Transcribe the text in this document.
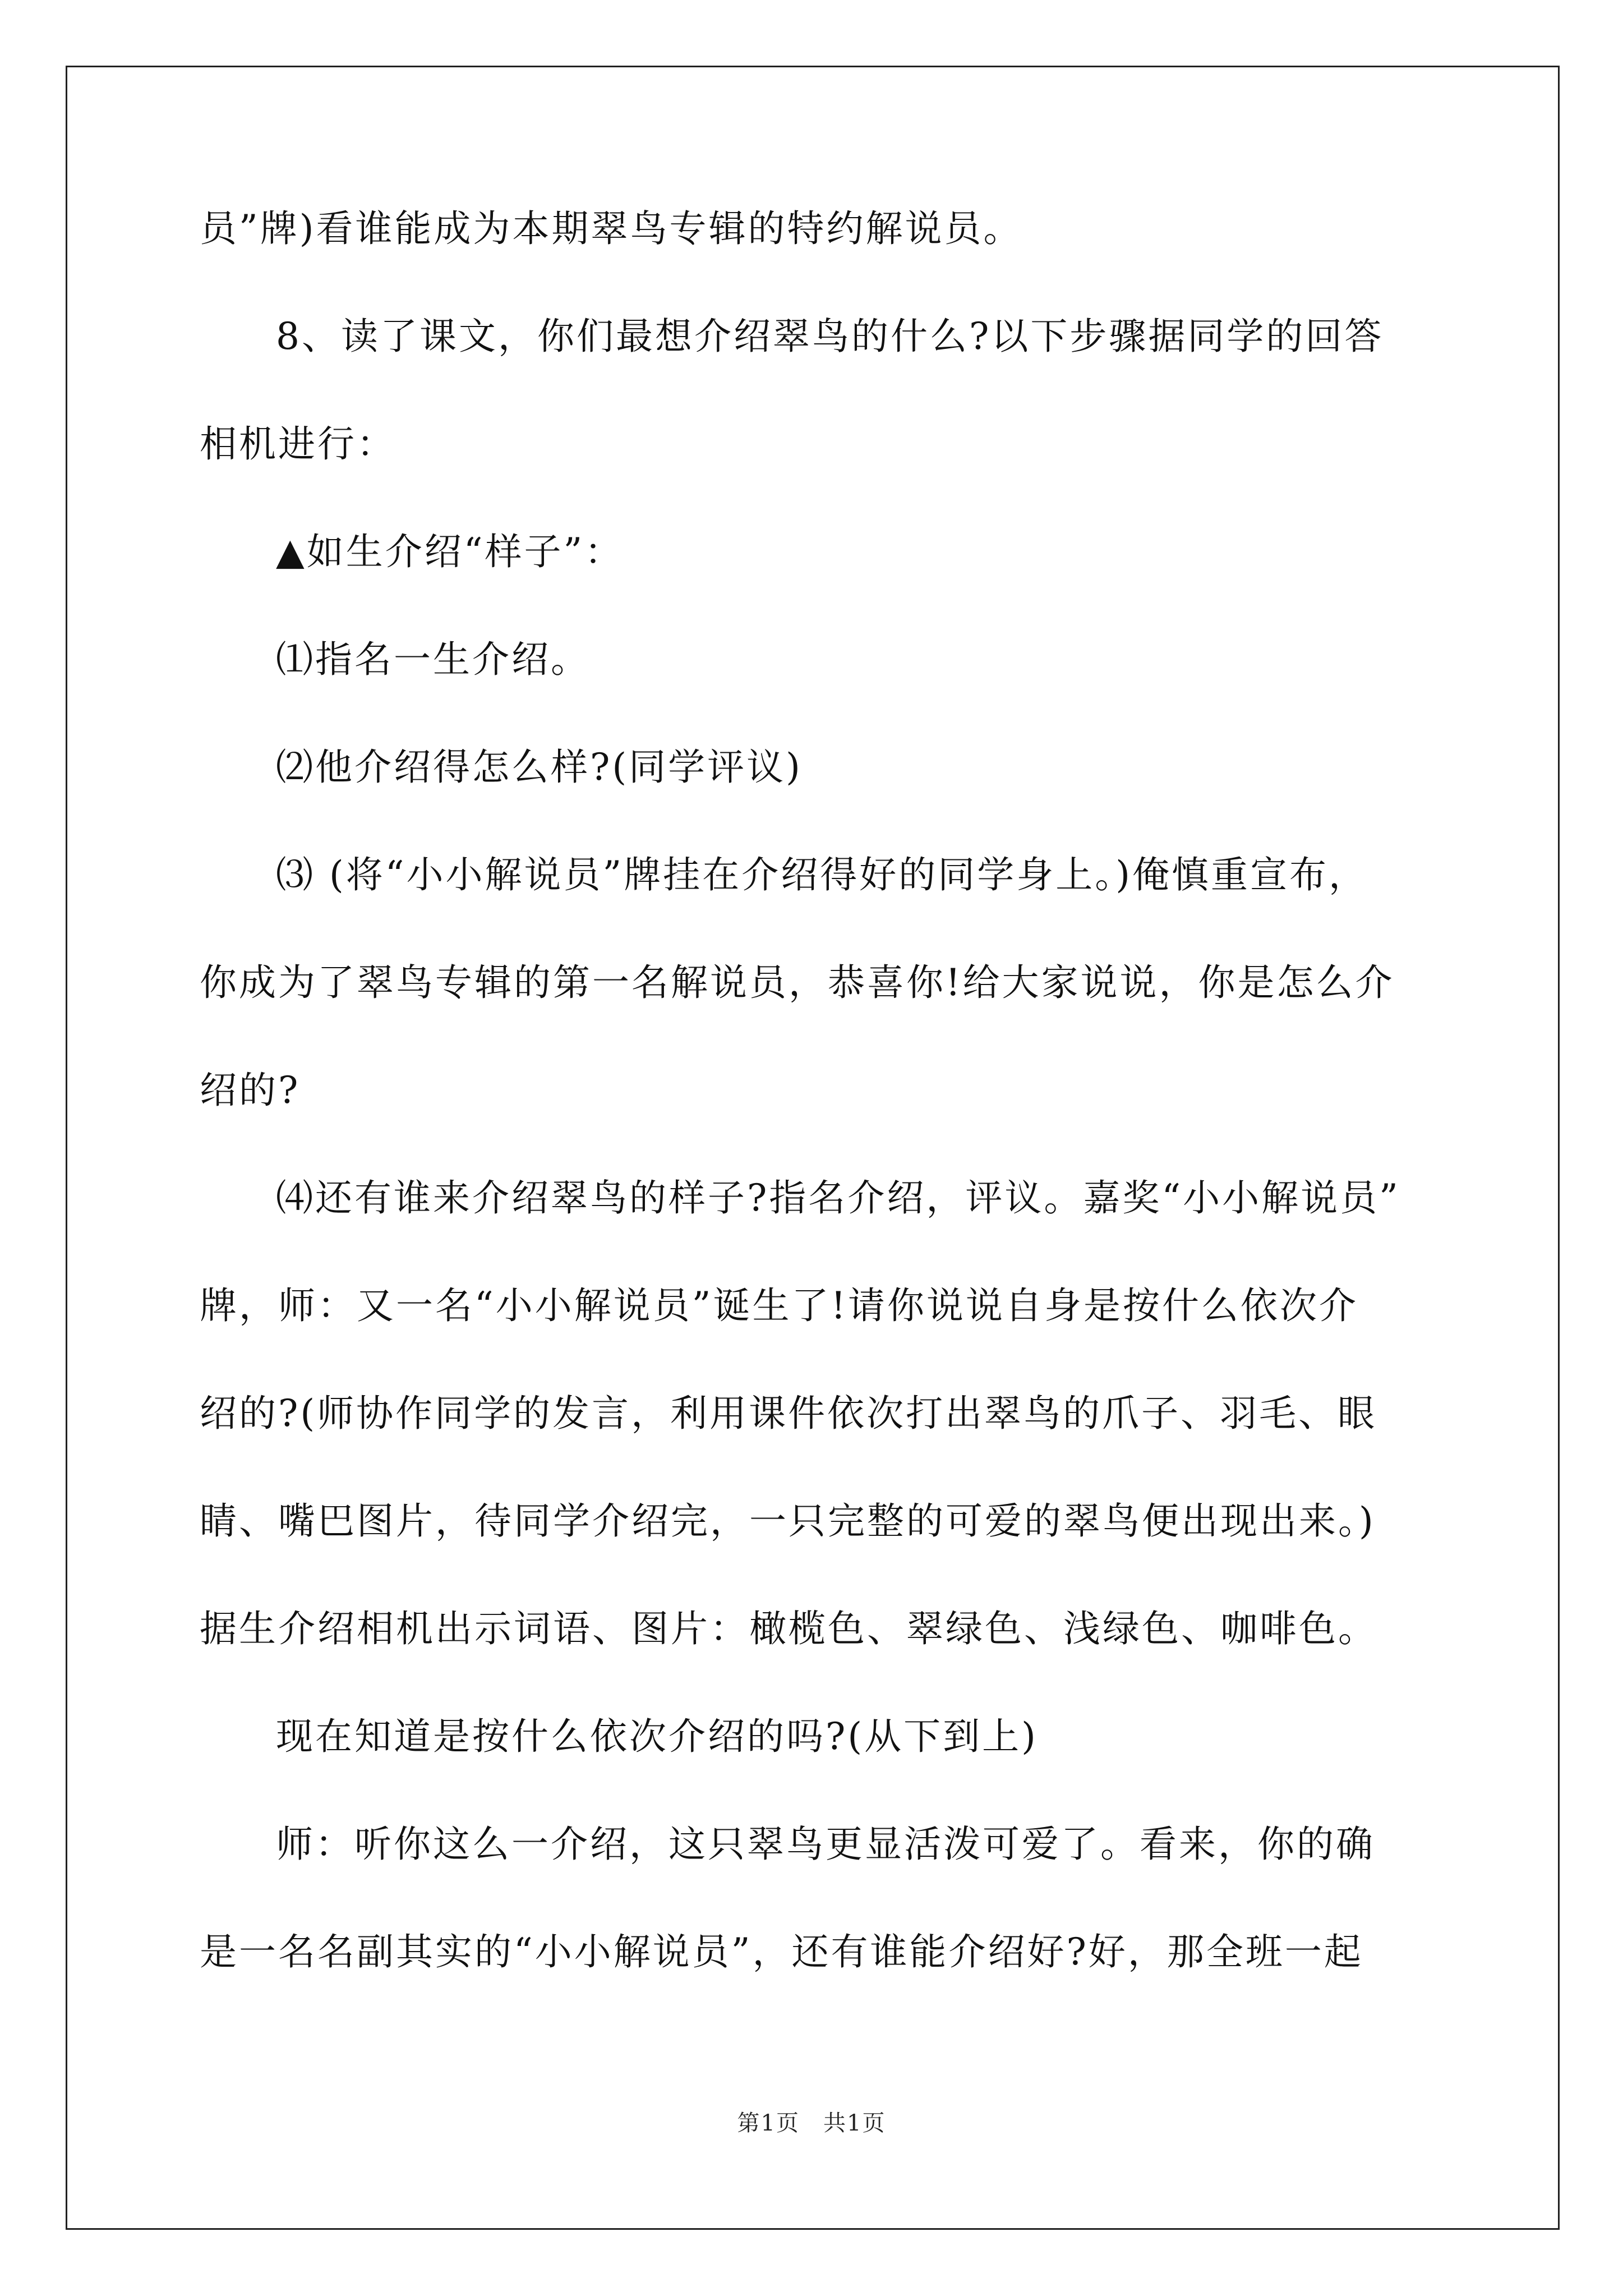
员”牌)看谁能成为本期翠鸟专辑的特约解说员。
8、读了课文，你们最想介绍翠鸟的什么?以下步骤据同学的回答
相机进行：
▲如生介绍“样子”：
⑴指名一生介绍。
⑵他介绍得怎么样?(同学评议)
⑶ (将“小小解说员”牌挂在介绍得好的同学身上。)俺慎重宣布，
你成为了翠鸟专辑的第一名解说员，恭喜你!给大家说说，你是怎么介
绍的?
⑷还有谁来介绍翠鸟的样子?指名介绍，评议。嘉奖“小小解说员”
牌，师：又一名“小小解说员”诞生了!请你说说自身是按什么依次介
绍的?(师协作同学的发言，利用课件依次打出翠鸟的爪子、羽毛、眼
睛、嘴巴图片，待同学介绍完，一只完整的可爱的翠鸟便出现出来。)
据生介绍相机出示词语、图片：橄榄色、翠绿色、浅绿色、咖啡色。
现在知道是按什么依次介绍的吗?(从下到上)
师：听你这么一介绍，这只翠鸟更显活泼可爱了。看来，你的确
是一名名副其实的“小小解说员”，还有谁能介绍好?好，那全班一起
第1页　共1页
